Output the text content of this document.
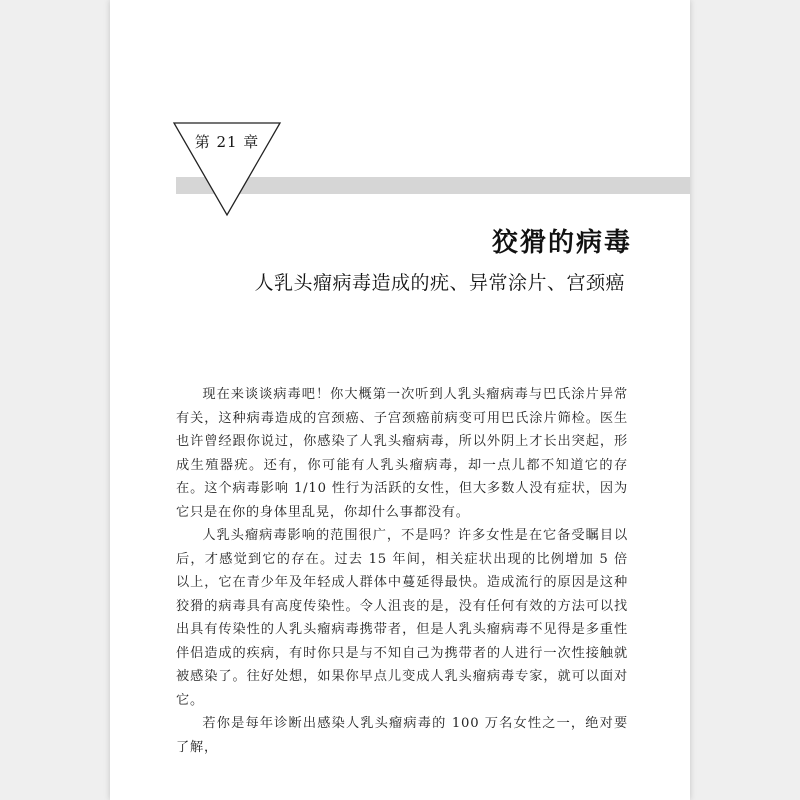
第 21 章
狡猾的病毒
人乳头瘤病毒造成的疣、异常涂片、宫颈癌

现在来谈谈病毒吧！你大概第一次听到人乳头瘤病毒与巴氏涂片异常有关，这种病毒造成的宫颈癌、子宫颈癌前病变可用巴氏涂片筛检。医生也许曾经跟你说过，你感染了人乳头瘤病毒，所以外阴上才长出突起，形成生殖器疣。还有，你可能有人乳头瘤病毒，却一点儿都不知道它的存在。这个病毒影响 1/10 性行为活跃的女性，但大多数人没有症状，因为它只是在你的身体里乱晃，你却什么事都没有。

人乳头瘤病毒影响的范围很广，不是吗？许多女性是在它备受瞩目以后，才感觉到它的存在。过去 15 年间，相关症状出现的比例增加 5 倍以上，它在青少年及年轻成人群体中蔓延得最快。造成流行的原因是这种狡猾的病毒具有高度传染性。令人沮丧的是，没有任何有效的方法可以找出具有传染性的人乳头瘤病毒携带者，但是人乳头瘤病毒不见得是多重性伴侣造成的疾病，有时你只是与不知自己为携带者的人进行一次性接触就被感染了。往好处想，如果你早点儿变成人乳头瘤病毒专家，就可以面对它。

若你是每年诊断出感染人乳头瘤病毒的 100 万名女性之一，绝对要了解，
